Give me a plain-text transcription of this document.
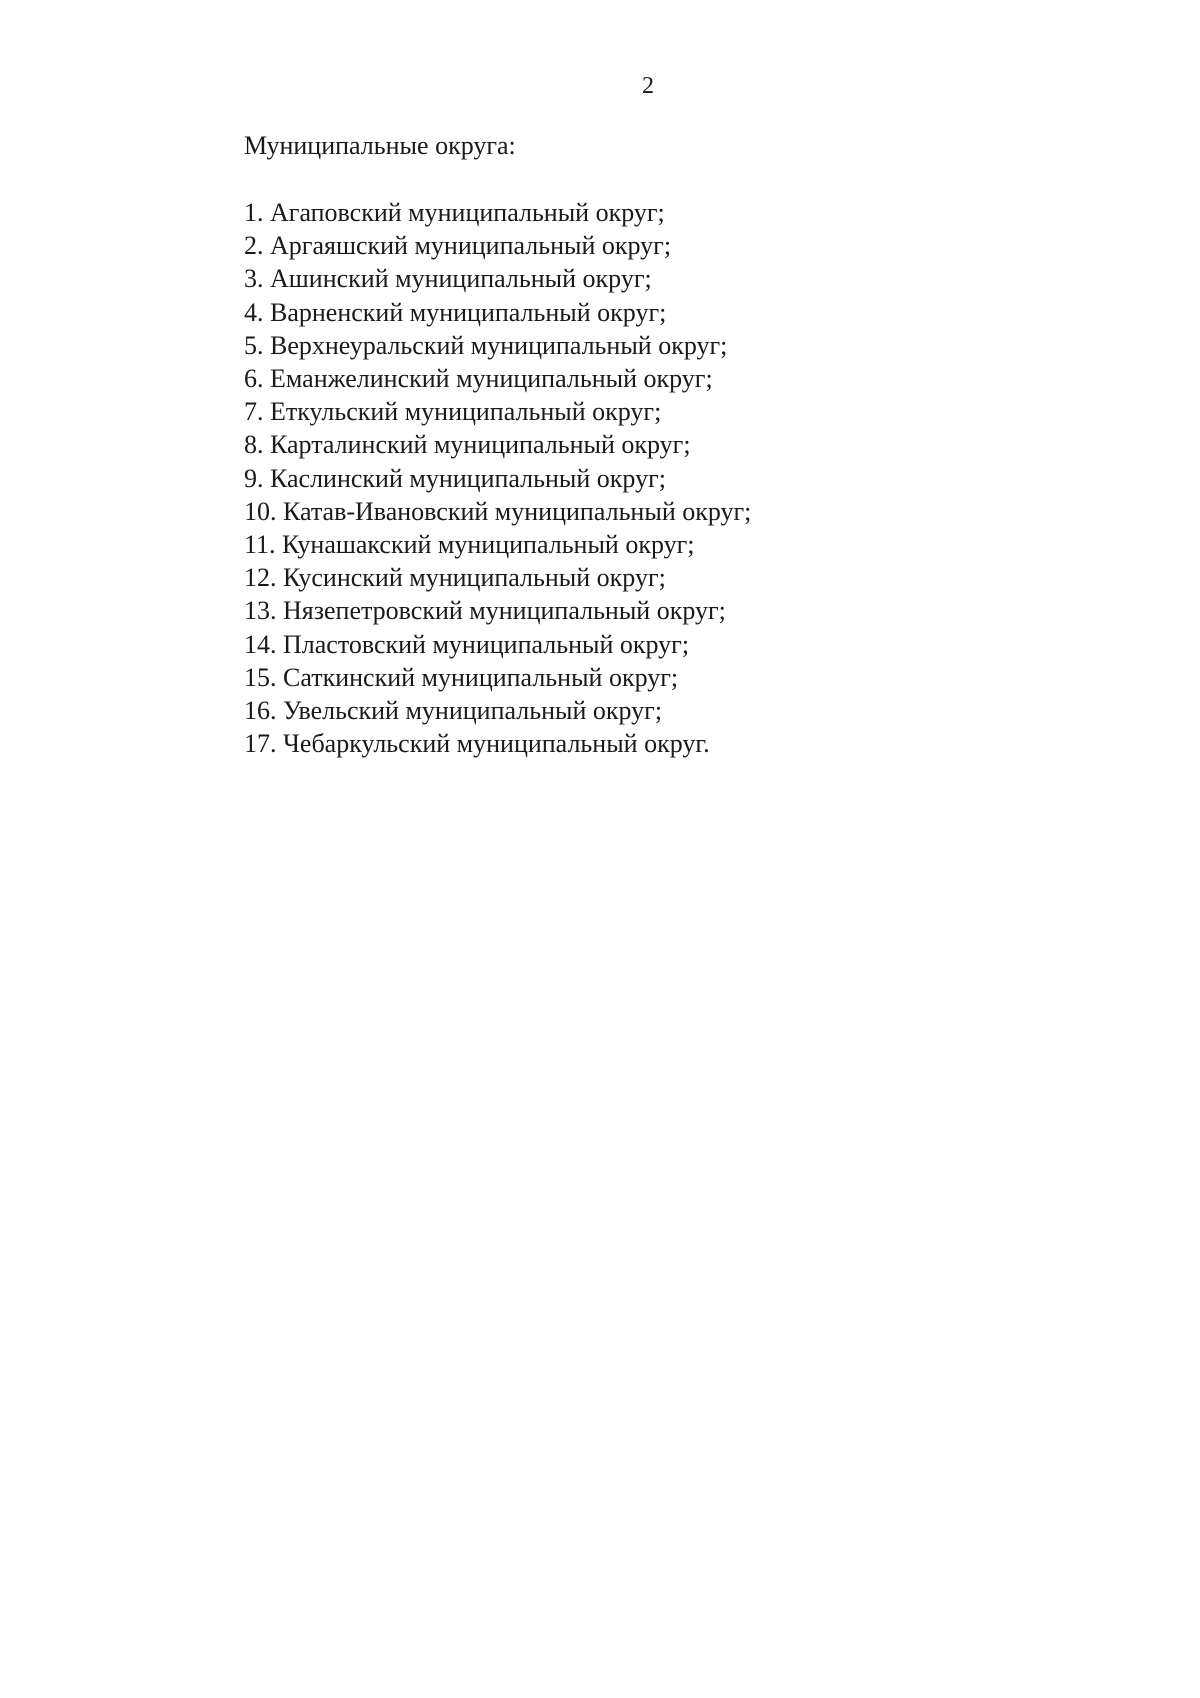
2
Муниципальные округа:
1. Агаповский муниципальный округ;
2. Аргаяшский муниципальный округ;
3. Ашинский муниципальный округ;
4. Варненский муниципальный округ;
5. Верхнеуральский муниципальный округ;
6. Еманжелинский муниципальный округ;
7. Еткульский муниципальный округ;
8. Карталинский муниципальный округ;
9. Каслинский муниципальный округ;
10. Катав-Ивановский муниципальный округ;
11. Кунашакский муниципальный округ;
12. Кусинский муниципальный округ;
13. Нязепетровский муниципальный округ;
14. Пластовский муниципальный округ;
15. Саткинский муниципальный округ;
16. Увельский муниципальный округ;
17. Чебаркульский муниципальный округ.
